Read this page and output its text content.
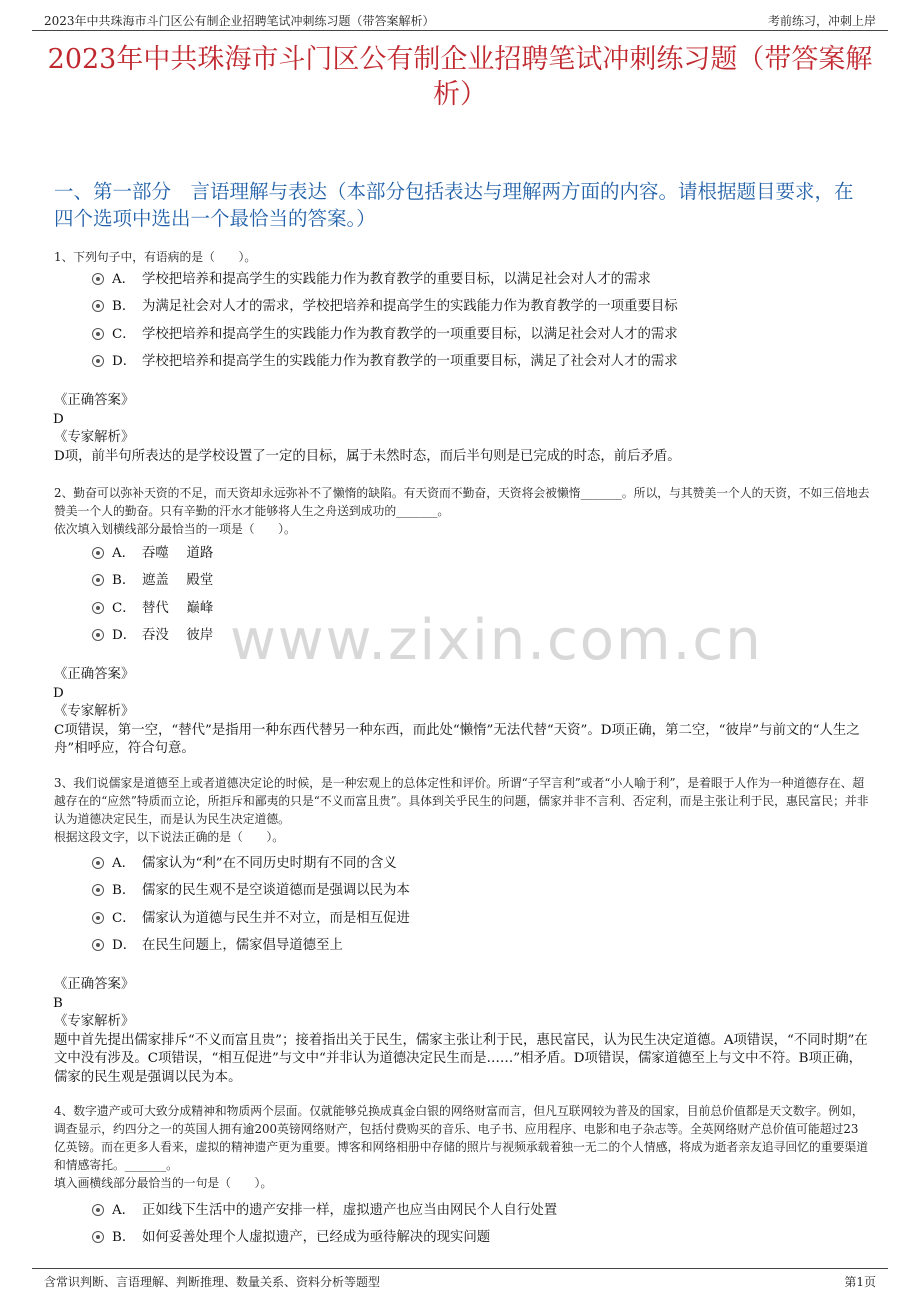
2023年中共珠海市斗门区公有制企业招聘笔试冲刺练习题（带答案解析）	考前练习，冲刺上岸
2023年中共珠海市斗门区公有制企业招聘笔试冲刺练习题（带答案解析）
一、第一部分　言语理解与表达（本部分包括表达与理解两方面的内容。请根据题目要求，在四个选项中选出一个最恰当的答案。）
www.zixin.com.cn
1、下列句子中，有语病的是（　　）。
A． 学校把培养和提高学生的实践能力作为教育教学的重要目标，以满足社会对人才的需求
B． 为满足社会对人才的需求，学校把培养和提高学生的实践能力作为教育教学的一项重要目标
C． 学校把培养和提高学生的实践能力作为教育教学的一项重要目标，以满足社会对人才的需求
D． 学校把培养和提高学生的实践能力作为教育教学的一项重要目标，满足了社会对人才的需求
《正确答案》
D
《专家解析》
D项，前半句所表达的是学校设置了一定的目标，属于未然时态，而后半句则是已完成的时态，前后矛盾。
2、勤奋可以弥补天资的不足，而天资却永远弥补不了懒惰的缺陷。有天资而不勤奋，天资将会被懒惰_______。所以，与其赞美一个人的天资，不如三倍地去赞美一个人的勤奋。只有辛勤的汗水才能够将人生之舟送到成功的_______。
依次填入划横线部分最恰当的一项是（　　）。
A． 吞噬　 道路
B． 遮盖　 殿堂
C． 替代　 巅峰
D． 吞没　 彼岸
《正确答案》
D
《专家解析》
C项错误，第一空，“替代”是指用一种东西代替另一种东西，而此处“懒惰”无法代替“天资”。D项正确，第二空，“彼岸”与前文的“人生之舟”相呼应，符合句意。
3、我们说儒家是道德至上或者道德决定论的时候，是一种宏观上的总体定性和评价。所谓“子罕言利”或者“小人喻于利”，是着眼于人作为一种道德存在、超越存在的“应然”特质而立论，所拒斥和鄙夷的只是“不义而富且贵”。具体到关乎民生的问题，儒家并非不言利、否定利，而是主张让利于民，惠民富民；并非认为道德决定民生，而是认为民生决定道德。
根据这段文字，以下说法正确的是（　　）。
A． 儒家认为“利”在不同历史时期有不同的含义
B． 儒家的民生观不是空谈道德而是强调以民为本
C． 儒家认为道德与民生并不对立，而是相互促进
D． 在民生问题上，儒家倡导道德至上
《正确答案》
B
《专家解析》
题中首先提出儒家排斥“不义而富且贵”；接着指出关于民生，儒家主张让利于民，惠民富民，认为民生决定道德。A项错误，“不同时期”在文中没有涉及。C项错误，“相互促进”与文中“并非认为道德决定民生而是……”相矛盾。D项错误，儒家道德至上与文中不符。B项正确，儒家的民生观是强调以民为本。
4、数字遗产或可大致分成精神和物质两个层面。仅就能够兑换成真金白银的网络财富而言，但凡互联网较为普及的国家，目前总价值都是天文数字。例如，调查显示，约四分之一的英国人拥有逾200英镑网络财产，包括付费购买的音乐、电子书、应用程序、电影和电子杂志等。全英网络财产总价值可能超过23亿英镑。而在更多人看来，虚拟的精神遗产更为重要。博客和网络相册中存储的照片与视频承载着独一无二的个人情感，将成为逝者亲友追寻回忆的重要渠道和情感寄托。_______。
填入画横线部分最恰当的一句是（　　）。
A． 正如线下生活中的遗产安排一样，虚拟遗产也应当由网民个人自行处置
B． 如何妥善处理个人虚拟遗产，已经成为亟待解决的现实问题
含常识判断、言语理解、判断推理、数量关系、资料分析等题型	第1页
